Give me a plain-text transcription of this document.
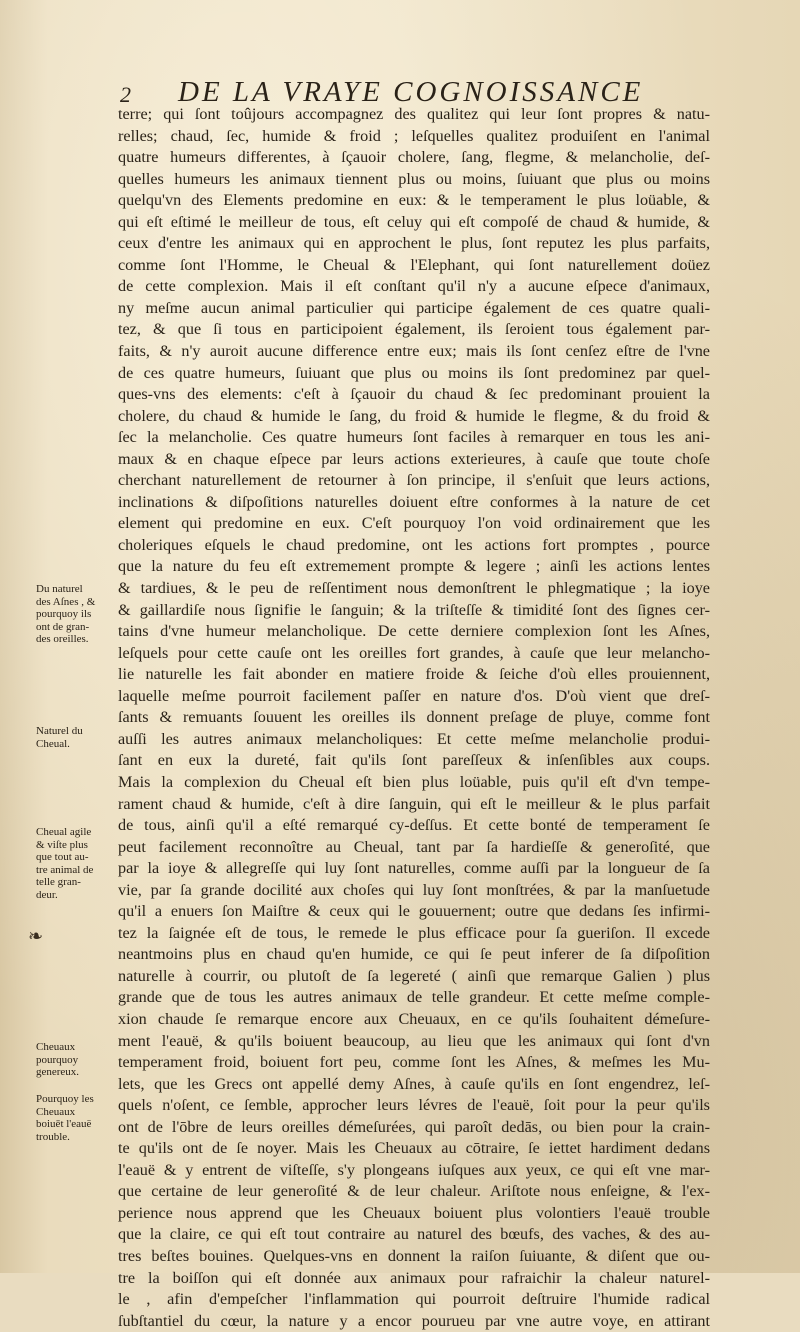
2 DE LA VRAYE COGNOISSANCE
terre; qui ſont toûjours accompagnez des qualitez qui leur ſont propres & natu-
relles; chaud, ſec, humide & froid ; leſquelles qualitez produiſent en l'animal
quatre humeurs differentes, à ſçauoir cholere, ſang, flegme, & melancholie, deſ-
quelles humeurs les animaux tiennent plus ou moins, ſuiuant que plus ou moins
quelqu'vn des Elements predomine en eux: & le temperament le plus loüable, &
qui eſt eſtimé le meilleur de tous, eſt celuy qui eſt compoſé de chaud & humide, &
ceux d'entre les animaux qui en approchent le plus, ſont reputez les plus parfaits,
comme ſont l'Homme, le Cheual & l'Elephant, qui ſont naturellement doüez
de cette complexion. Mais il eſt conſtant qu'il n'y a aucune eſpece d'animaux,
ny meſme aucun animal particulier qui participe également de ces quatre quali-
tez, & que ſi tous en participoient également, ils ſeroient tous également par-
faits, & n'y auroit aucune difference entre eux; mais ils ſont cenſez eſtre de l'vne
de ces quatre humeurs, ſuiuant que plus ou moins ils ſont predominez par quel-
ques-vns des elements: c'eſt à ſçauoir du chaud & ſec predominant prouient la
cholere, du chaud & humide le ſang, du froid & humide le flegme, & du froid &
ſec la melancholie. Ces quatre humeurs ſont faciles à remarquer en tous les ani-
maux & en chaque eſpece par leurs actions exterieures, à cauſe que toute choſe
cherchant naturellement de retourner à ſon principe, il s'enſuit que leurs actions,
inclinations & diſpoſitions naturelles doiuent eſtre conformes à la nature de cet
element qui predomine en eux. C'eſt pourquoy l'on void ordinairement que les
choleriques eſquels le chaud predomine, ont les actions fort promptes , pource
que la nature du feu eſt extremement prompte & legere ; ainſi les actions lentes
& tardiues, & le peu de reſſentiment nous demonſtrent le phlegmatique ; la ioye
& gaillardiſe nous ſignifie le ſanguin; & la triſteſſe & timidité ſont des ſignes cer-
tains d'vne humeur melancholique. De cette derniere complexion ſont les Aſnes,
leſquels pour cette cauſe ont les oreilles fort grandes, à cauſe que leur melancho-
lie naturelle les fait abonder en matiere froide & ſeiche d'où elles prouiennent,
laquelle meſme pourroit facilement paſſer en nature d'os. D'où vient que dreſ-
ſants & remuants ſouuent les oreilles ils donnent preſage de pluye, comme font
auſſi les autres animaux melancholiques: Et cette meſme melancholie produi-
ſant en eux la dureté, fait qu'ils ſont pareſſeux & inſenſibles aux coups.
Mais la complexion du Cheual eſt bien plus loüable, puis qu'il eſt d'vn tempe-
rament chaud & humide, c'eſt à dire ſanguin, qui eſt le meilleur & le plus parfait
de tous, ainſi qu'il a eſté remarqué cy-deſſus. Et cette bonté de temperament ſe
peut facilement reconnoître au Cheual, tant par ſa hardieſſe & generoſité, que
par la ioye & allegreſſe qui luy ſont naturelles, comme auſſi par la longueur de ſa
vie, par ſa grande docilité aux choſes qui luy ſont monſtrées, & par la manſuetude
qu'il a enuers ſon Maiſtre & ceux qui le gouuernent; outre que dedans ſes infirmi-
tez la ſaignée eſt de tous, le remede le plus efficace pour ſa gueriſon. Il excede
neantmoins plus en chaud qu'en humide, ce qui ſe peut inferer de ſa diſpoſition
naturelle à courrir, ou plutoſt de ſa legereté ( ainſi que remarque Galien ) plus
grande que de tous les autres animaux de telle grandeur. Et cette meſme comple-
xion chaude ſe remarque encore aux Cheuaux, en ce qu'ils ſouhaitent démeſure-
ment l'eauë, & qu'ils boiuent beaucoup, au lieu que les animaux qui ſont d'vn
temperament froid, boiuent fort peu, comme ſont les Aſnes, & meſmes les Mu-
lets, que les Grecs ont appellé demy Aſnes, à cauſe qu'ils en ſont engendrez, leſ-
quels n'oſent, ce ſemble, approcher leurs lévres de l'eauë, ſoit pour la peur qu'ils
ont de l'ōbre de leurs oreilles démeſurées, qui paroît dedās, ou bien pour la crain-
te qu'ils ont de ſe noyer. Mais les Cheuaux au cōtraire, ſe iettet hardiment dedans
l'eauë & y entrent de viſteſſe, s'y plongeans iuſques aux yeux, ce qui eſt vne mar-
que certaine de leur generoſité & de leur chaleur. Ariſtote nous enſeigne, & l'ex-
perience nous apprend que les Cheuaux boiuent plus volontiers l'eauë trouble
que la claire, ce qui eſt tout contraire au naturel des bœufs, des vaches, & des au-
tres beſtes bouines. Quelques-vns en donnent la raiſon ſuiuante, & diſent que ou-
tre la boiſſon qui eſt donnée aux animaux pour rafraichir la chaleur naturel-
le , afin d'empeſcher l'inflammation qui pourroit deſtruire l'humide radical
ſubſtantiel du cœur, la nature y a encor pourueu par vne autre voye, en attirant
Du naturel
des Aſnes , &
pourquoy ils
ont de gran-
des oreilles.
Naturel du
Cheual.
Cheual agile
& viſte plus
que tout au-
tre animal de
telle gran-
deur.
Cheuaux
pourquoy
genereux.
Pourquoy les
Cheuaux
boiuēt l'eauë
trouble.
❧
